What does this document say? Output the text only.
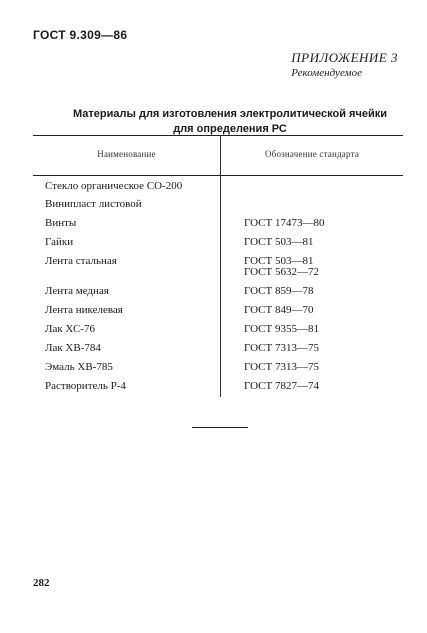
ГОСТ 9.309—86
ПРИЛОЖЕНИЕ 3
Рекомендуемое
Материалы для изготовления электролитической ячейки
для определения РС
Наименование	Обозначение стандарта
Стекло органическое СО-200
Винипласт листовой
Винты	ГОСТ 17473—80
Гайки	ГОСТ 503—81
Лента стальная	ГОСТ 503—81
ГОСТ 5632—72
Лента медная	ГОСТ 859—78
Лента никелевая	ГОСТ 849—70
Лак ХС-76	ГОСТ 9355—81
Лак ХВ-784	ГОСТ 7313—75
Эмаль ХВ-785	ГОСТ 7313—75
Растворитель Р-4	ГОСТ 7827—74
282
